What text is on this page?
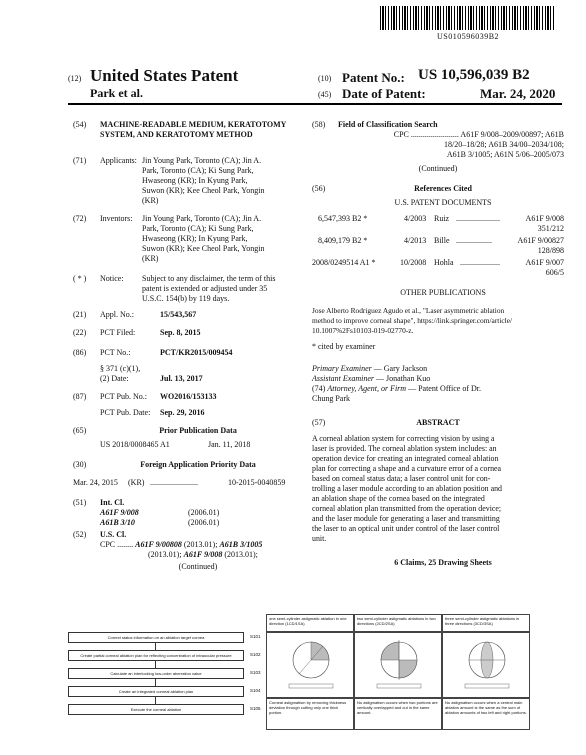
US010596039B2
(12) United States Patent
Park et al.
(10) Patent No.: US 10,596,039 B2
(45) Date of Patent:	Mar. 24, 2020
(54) MACHINE-READABLE MEDIUM, KERATOTOMY SYSTEM, AND KERATOTOMY METHOD
(71) Applicants: Jin Young Park, Toronto (CA); Jin A.
Park, Toronto (CA); Ki Sung Park,
Hwaseong (KR); In Kyung Park,
Suwon (KR); Kee Cheol Park, Yongin
(KR)
(72) Inventors: Jin Young Park, Toronto (CA); Jin A.
Park, Toronto (CA); Ki Sung Park,
Hwaseong (KR); In Kyung Park,
Suwon (KR); Kee Cheol Park, Yongin
(KR)
( * ) Notice: Subject to any disclaimer, the term of this
patent is extended or adjusted under 35
U.S.C. 154(b) by 119 days.
(21) Appl. No.:	15/543,567
(22) PCT Filed:	Sep. 8, 2015
(86) PCT No.:	PCT/KR2015/009454
§ 371 (c)(1),
(2) Date:	Jul. 13, 2017
(87) PCT Pub. No.: WO2016/153133
PCT Pub. Date: Sep. 29, 2016
(65)	Prior Publication Data
US 2018/0008465 A1	Jan. 11, 2018
(30)	Foreign Application Priority Data
Mar. 24, 2015 (KR) ........................	10-2015-0040859
(51) Int. Cl.
A61F 9/008	(2006.01)
A61B 3/10	(2006.01)
(52) U.S. Cl.
CPC ........ A61F 9/00808 (2013.01); A61B 3/1005
(2013.01); A61F 9/008 (2013.01);
(Continued)
(58) Field of Classification Search
CPC ........................ A61F 9/008–2009/00897; A61B
18/20–18/28; A61B 34/00–2034/108;
A61B 3/1005; A61N 5/06–2005/073
(Continued)
(56)	References Cited
U.S. PATENT DOCUMENTS
6,547,393 B2 *	4/2003 Ruiz ......................	A61F 9/008
351/212
8,409,179 B2 *	4/2013 Bille ..................	A61F 9/00827
128/898
2008/0249514 A1 *	10/2008 Hohla ....................	A61F 9/007
606/5
OTHER PUBLICATIONS
Jose Alberto Rodriguez Agudo et al., "Laser asymmetric ablation
method to improve corneal shape", https://link.springer.com/article/
10.1007%2Fs10103-019-02770-z.
* cited by examiner
Primary Examiner — Gary Jackson
Assistant Examiner — Jonathan Kuo
(74) Attorney, Agent, or Firm — Patent Office of Dr.
Chung Park
(57)	ABSTRACT
A corneal ablation system for correcting vision by using a
laser is provided. The corneal ablation system includes: an
operation device for creating an integrated corneal ablation
plan for correcting a shape and a curvature error of a cornea
based on corneal status data; a laser control unit for con-
trolling a laser module according to an ablation position and
an ablation shape of the cornea based on the integrated
corneal ablation plan transmitted from the operation device;
and the laser module for generating a laser and transmitting
the laser to an optical unit under control of the laser control
unit.
6 Claims, 25 Drawing Sheets
Correct status information on an ablation target cornea	S101
Create partial corneal ablation plan for reflecting concentration of intraocular pressure	S102
Calculate an interlocking low-order aberration value	S103
Create an integrated corneal ablation plan	S104
Execute the corneal ablation	S105
one semi-cylinder astigmatic ablation in one direction (1CD/1SA)
two semi-cylinder astigmatic ablations in two directions (2CD/2SA)
three semi-cylinder astigmatic ablations in three directions (3CD/3SA)
Corneal astigmatism by removing thickness deviation through cutting only one thick portion.
No astigmatism occurs when two portions are vertically overlapped and cut in the same amount.
No astigmatism occurs when a central main ablation amount is the same as the sum of ablation amounts of two left and right portions.
